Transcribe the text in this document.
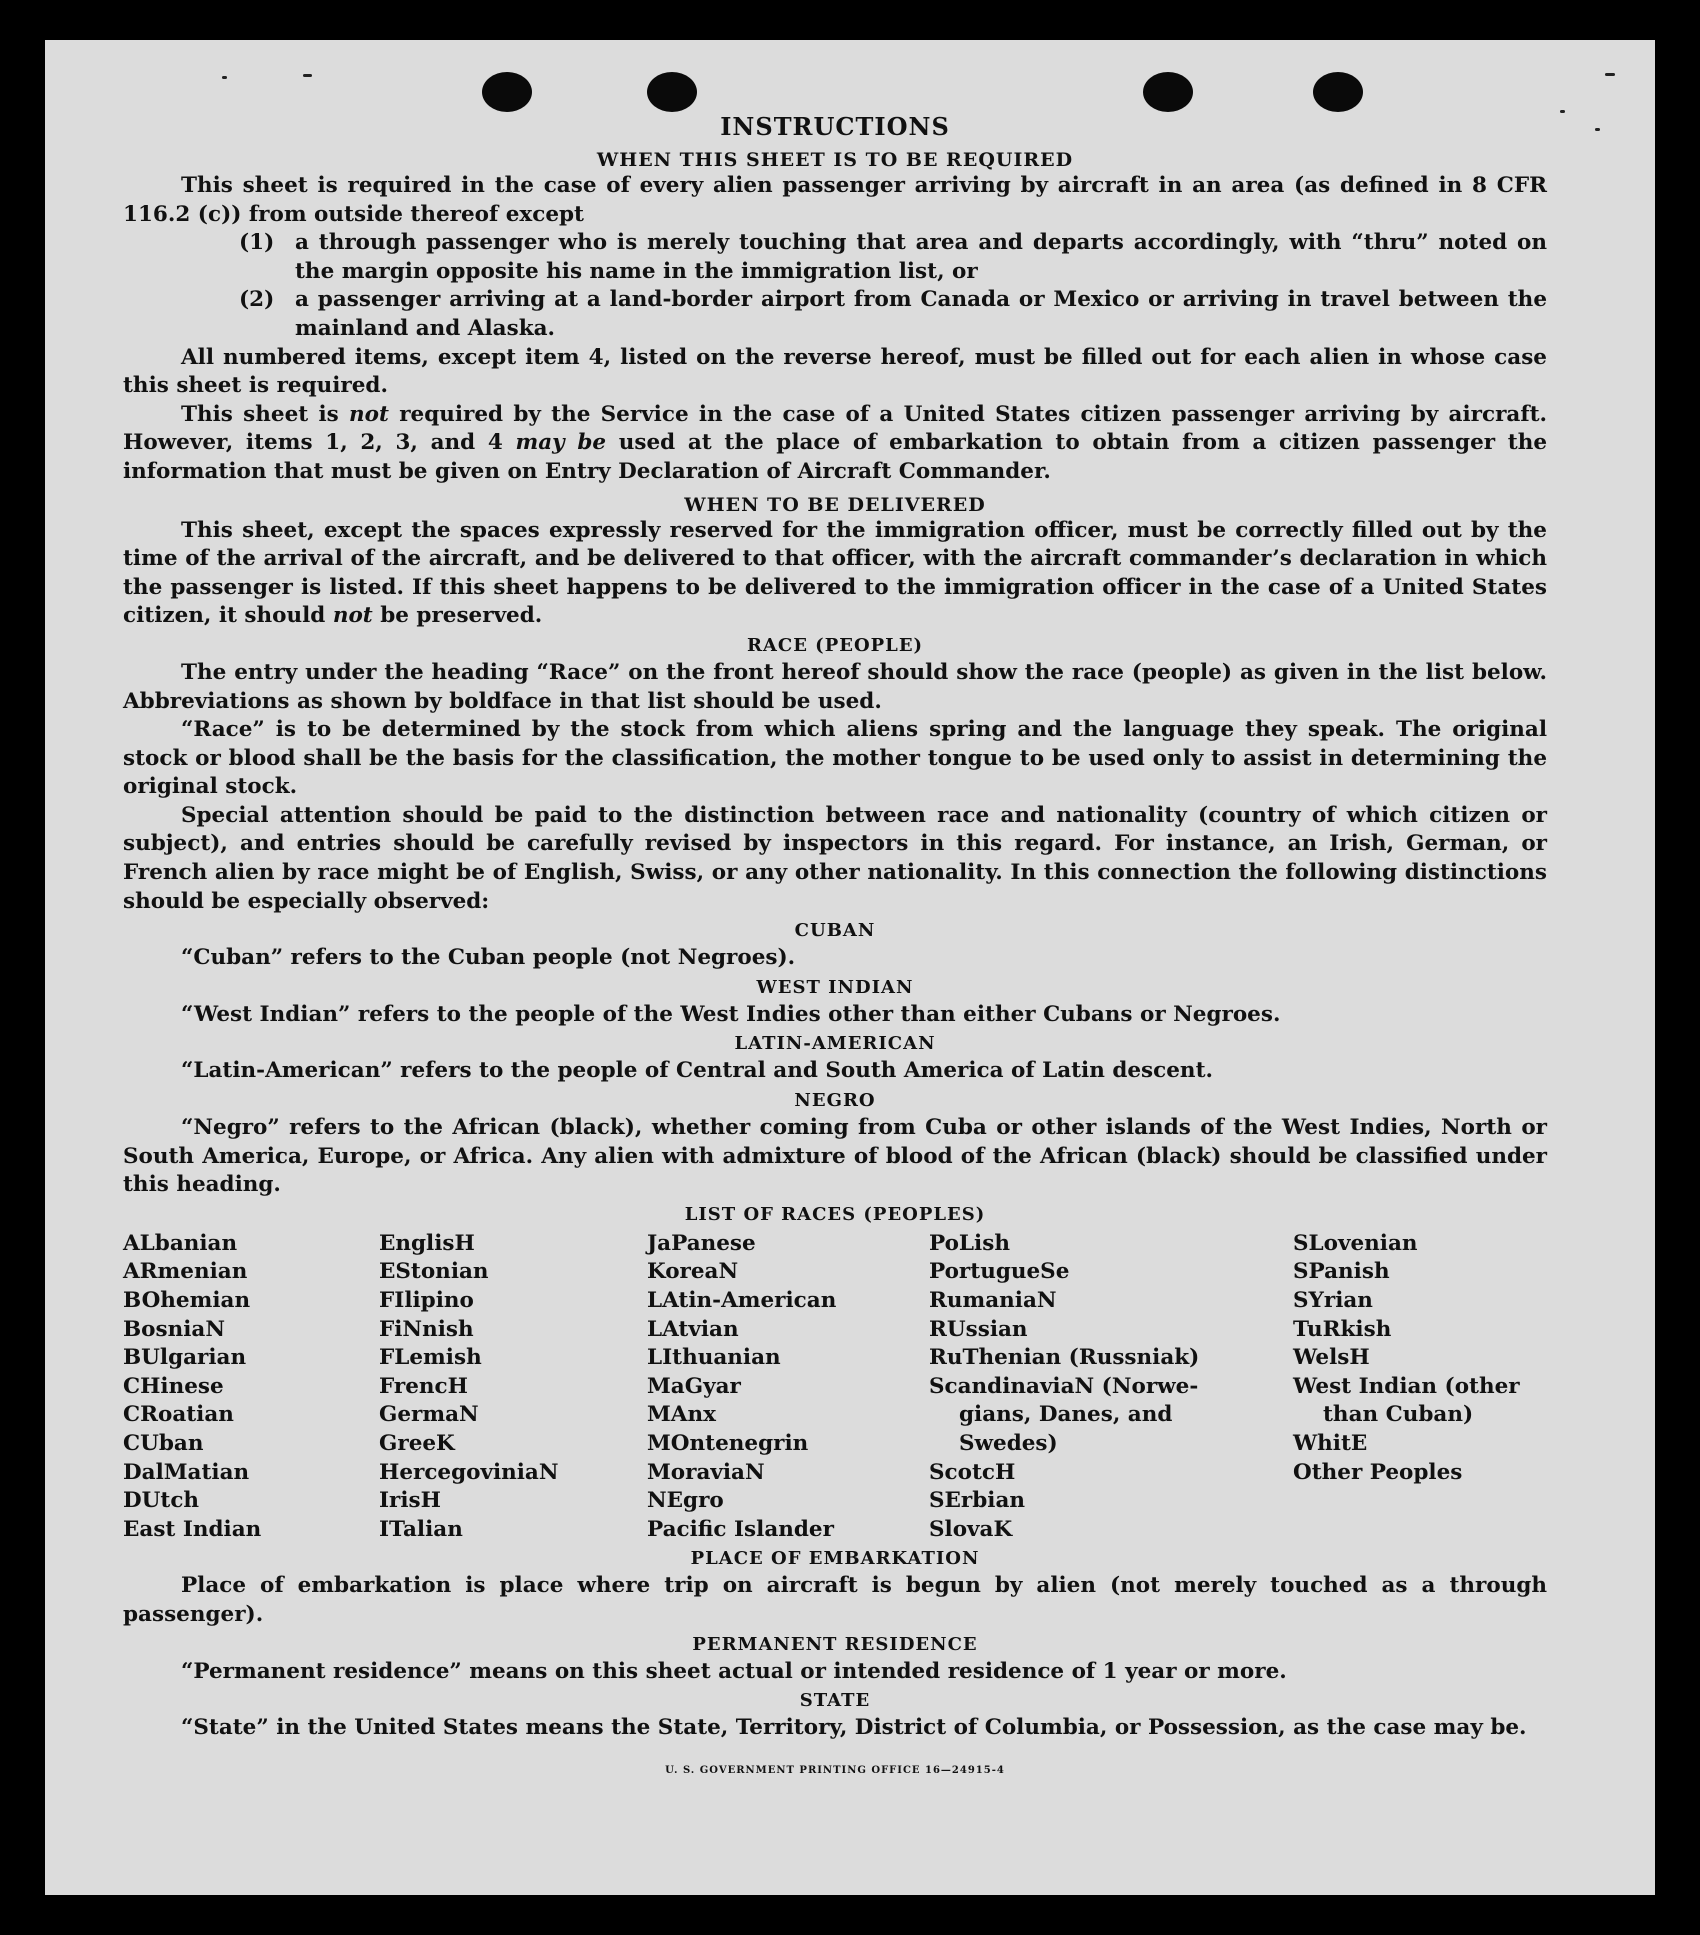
INSTRUCTIONS
WHEN THIS SHEET IS TO BE REQUIRED
This sheet is required in the case of every alien passenger arriving by aircraft in an area (as defined in 8 CFR 116.2 (c)) from outside thereof except
(1) a through passenger who is merely touching that area and departs accordingly, with “thru” noted on the margin opposite his name in the immigration list, or
(2) a passenger arriving at a land-border airport from Canada or Mexico or arriving in travel between the mainland and Alaska.
All numbered items, except item 4, listed on the reverse hereof, must be filled out for each alien in whose case this sheet is required.
This sheet is not required by the Service in the case of a United States citizen passenger arriving by aircraft. However, items 1, 2, 3, and 4 may be used at the place of embarkation to obtain from a citizen passenger the information that must be given on Entry Declaration of Aircraft Commander.
WHEN TO BE DELIVERED
This sheet, except the spaces expressly reserved for the immigration officer, must be correctly filled out by the time of the arrival of the aircraft, and be delivered to that officer, with the aircraft commander’s declaration in which the passenger is listed. If this sheet happens to be delivered to the immigration officer in the case of a United States citizen, it should not be preserved.
RACE (PEOPLE)
The entry under the heading “Race” on the front hereof should show the race (people) as given in the list below. Abbreviations as shown by boldface in that list should be used.
“Race” is to be determined by the stock from which aliens spring and the language they speak. The original stock or blood shall be the basis for the classification, the mother tongue to be used only to assist in determining the original stock.
Special attention should be paid to the distinction between race and nationality (country of which citizen or subject), and entries should be carefully revised by inspectors in this regard. For instance, an Irish, German, or French alien by race might be of English, Swiss, or any other nationality. In this connection the following distinctions should be especially observed:
CUBAN
“Cuban” refers to the Cuban people (not Negroes).
WEST INDIAN
“West Indian” refers to the people of the West Indies other than either Cubans or Negroes.
LATIN-AMERICAN
“Latin-American” refers to the people of Central and South America of Latin descent.
NEGRO
“Negro” refers to the African (black), whether coming from Cuba or other islands of the West Indies, North or South America, Europe, or Africa. Any alien with admixture of blood of the African (black) should be classified under this heading.
LIST OF RACES (PEOPLES)
ALbanian
ARmenian
BOhemian
BosniaN
BUlgarian
CHinese
CRoatian
CUban
DalMatian
DUtch
East Indian
EnglisH
EStonian
FIlipino
FiNnish
FLemish
FrencH
GermaN
GreeK
HercegoviniaN
IrisH
ITalian
JaPanese
KoreaN
LAtin-American
LAtvian
LIthuanian
MaGyar
MAnx
MOntenegrin
MoraviaN
NEgro
Pacific Islander
PoLish
PortugueSe
RumaniaN
RUssian
RuThenian (Russniak)
ScandinaviaN (Norwe-
gians, Danes, and
Swedes)
ScotcH
SErbian
SlovaK
SLovenian
SPanish
SYrian
TuRkish
WelsH
West Indian (other
than Cuban)
WhitE
Other Peoples
PLACE OF EMBARKATION
Place of embarkation is place where trip on aircraft is begun by alien (not merely touched as a through passenger).
PERMANENT RESIDENCE
“Permanent residence” means on this sheet actual or intended residence of 1 year or more.
STATE
“State” in the United States means the State, Territory, District of Columbia, or Possession, as the case may be.
U. S. GOVERNMENT PRINTING OFFICE 16—24915-4
